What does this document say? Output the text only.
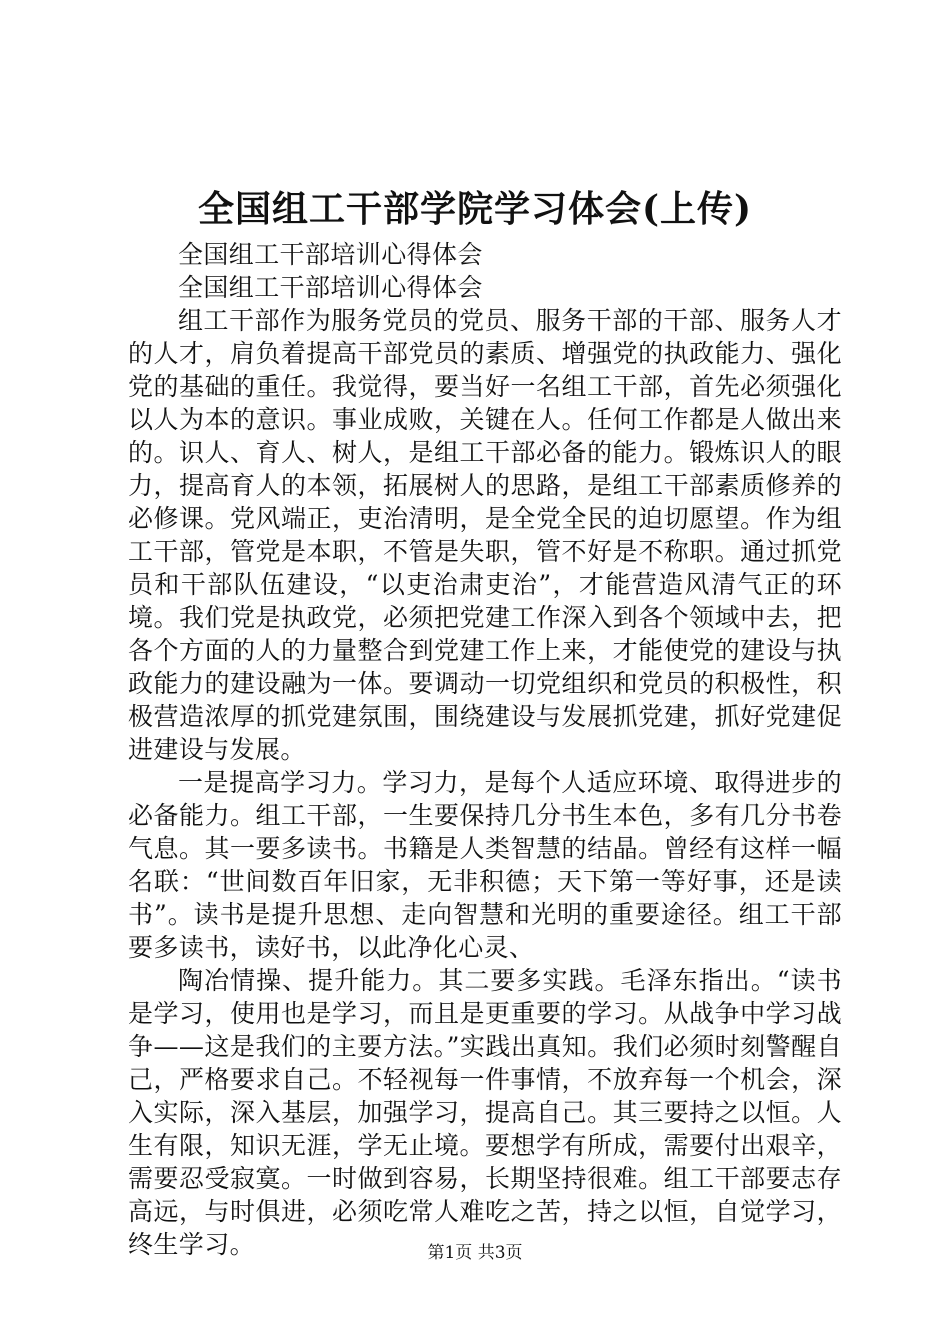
全国组工干部学院学习体会(上传)

全国组工干部培训心得体会

全国组工干部培训心得体会

组工干部作为服务党员的党员、服务干部的干部、服务人才的人才，肩负着提高干部党员的素质、增强党的执政能力、强化党的基础的重任。我觉得，要当好一名组工干部，首先必须强化以人为本的意识。事业成败，关键在人。任何工作都是人做出来的。识人、育人、树人，是组工干部必备的能力。锻炼识人的眼力，提高育人的本领，拓展树人的思路，是组工干部素质修养的必修课。党风端正，吏治清明，是全党全民的迫切愿望。作为组工干部，管党是本职，不管是失职，管不好是不称职。通过抓党员和干部队伍建设，“以吏治肃吏治”，才能营造风清气正的环境。我们党是执政党，必须把党建工作深入到各个领域中去，把各个方面的人的力量整合到党建工作上来，才能使党的建设与执政能力的建设融为一体。要调动一切党组织和党员的积极性，积极营造浓厚的抓党建氛围，围绕建设与发展抓党建，抓好党建促进建设与发展。

一是提高学习力。学习力，是每个人适应环境、取得进步的必备能力。组工干部，一生要保持几分书生本色，多有几分书卷气息。其一要多读书。书籍是人类智慧的结晶。曾经有这样一幅名联：“世间数百年旧家，无非积德；天下第一等好事，还是读书”。读书是提升思想、走向智慧和光明的重要途径。组工干部要多读书，读好书，以此净化心灵、

陶冶情操、提升能力。其二要多实践。毛泽东指出。“读书是学习，使用也是学习，而且是更重要的学习。从战争中学习战争——这是我们的主要方法。”实践出真知。我们必须时刻警醒自己，严格要求自己。不轻视每一件事情，不放弃每一个机会，深入实际，深入基层，加强学习，提高自己。其三要持之以恒。人生有限，知识无涯，学无止境。要想学有所成，需要付出艰辛，需要忍受寂寞。一时做到容易，长期坚持很难。组工干部要志存高远，与时俱进，必须吃常人难吃之苦，持之以恒，自觉学习，终生学习。	第1页 共3页
